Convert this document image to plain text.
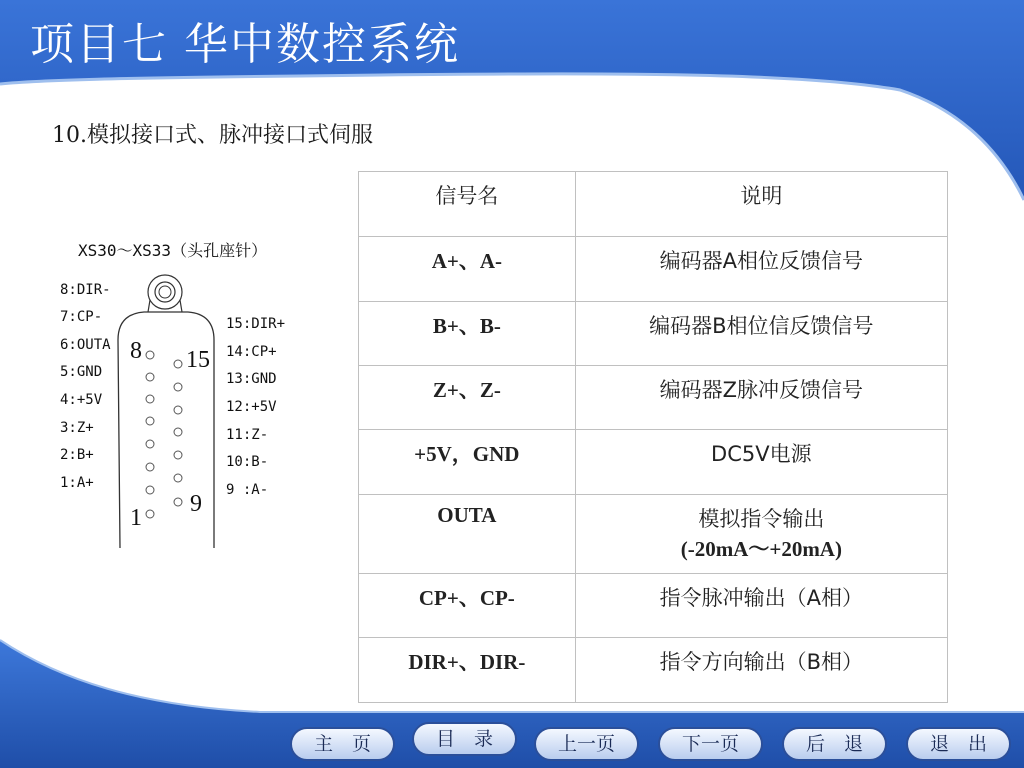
项目七 华中数控系统
10.模拟接口式、脉冲接口式伺服
XS30～XS33（头孔座针）
8 15
1
9
8:DIR-
7:CP-
6:OUTA
5:GND
4:+5V
3:Z+
2:B+
1:A+
15:DIR+
14:CP+
13:GND
12:+5V
11:Z-
10:B-
9 :A-
信号名	说明
A+、A-	编码器A相位反馈信号
B+、B-	编码器B相位信反馈信号
Z+、Z-	编码器Z脉冲反馈信号
+5V，GND	DC5V电源
OUTA	模拟指令输出
(-20mA～+20mA)

CP+、CP-	指令脉冲输出（A相）
DIR+、DIR-	指令方向输出（B相）
主　页	目　录	上一页	下一页	后　退	退　出
